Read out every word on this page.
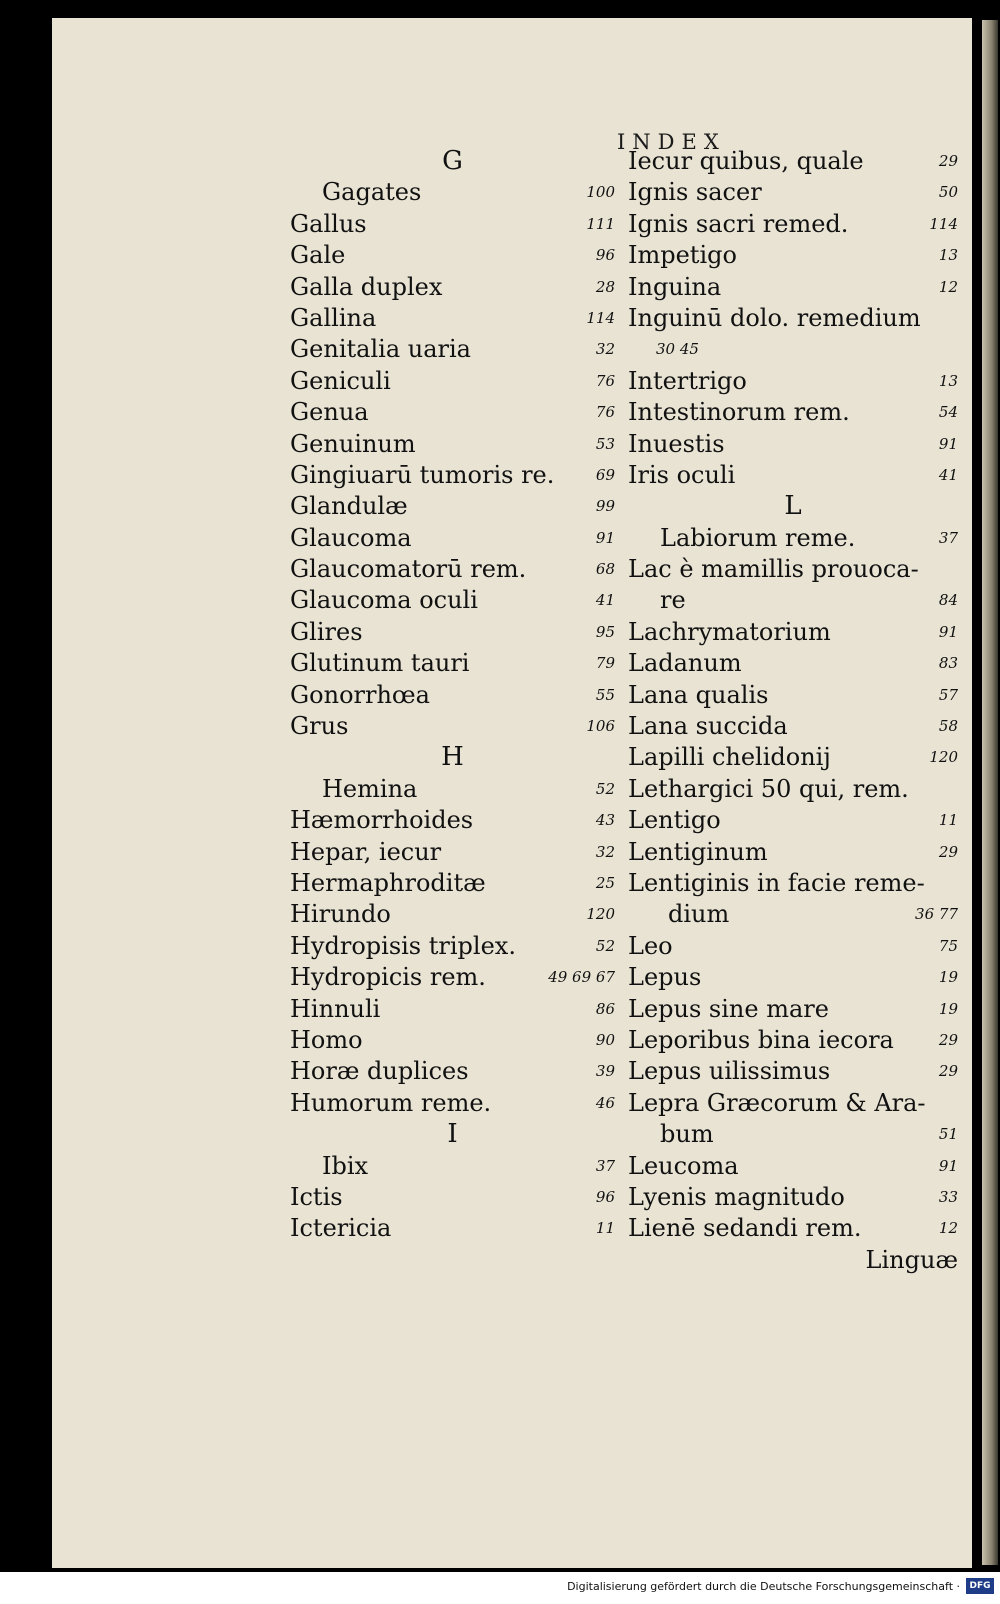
INDEX
G
Gagates	100
Gallus	111
Gale	96
Galla duplex	28
Gallina	114
Genitalia uaria	32
Geniculi	76
Genua	76
Genuinum	53
Gingiuarū tumoris re.	69
Glandulæ	99
Glaucoma	91
Glaucomatorū rem.	68
Glaucoma oculi	41
Glires	95
Glutinum tauri	79
Gonorrhœa	55
Grus	106
H
Hemina	52
Hæmorrhoides	43
Hepar, iecur	32
Hermaphroditæ	25
Hirundo	120
Hydropisis triplex.	52
Hydropicis rem.	49 69 67
Hinnuli	86
Homo	90
Horæ duplices	39
Humorum reme.	46
I
Ibix	37
Ictis	96
Ictericia	11
Iecur quibus, quale	29
Ignis sacer	50
Ignis sacri remed.	114
Impetigo	13
Inguina	12
Inguinū dolo. remedium
30 45
Intertrigo	13
Intestinorum rem.	54
Inuestis	91
Iris oculi	41
L
Labiorum reme.	37
Lac è mamillis prouoca-
re	84
Lachrymatorium	91
Ladanum	83
Lana qualis	57
Lana succida	58
Lapilli chelidonij	120
Lethargici 50 qui, rem.
Lentigo	11
Lentiginum	29
Lentiginis in facie reme-
dium	36 77
Leo	75
Lepus	19
Lepus sine mare	19
Leporibus bina iecora	29
Lepus uilissimus	29
Lepra Græcorum & Ara-
bum	51
Leucoma	91
Lyenis magnitudo	33
Lienē sedandi rem.	12
Linguæ
Digitalisierung gefördert durch die Deutsche Forschungsgemeinschaft ·	DFG
